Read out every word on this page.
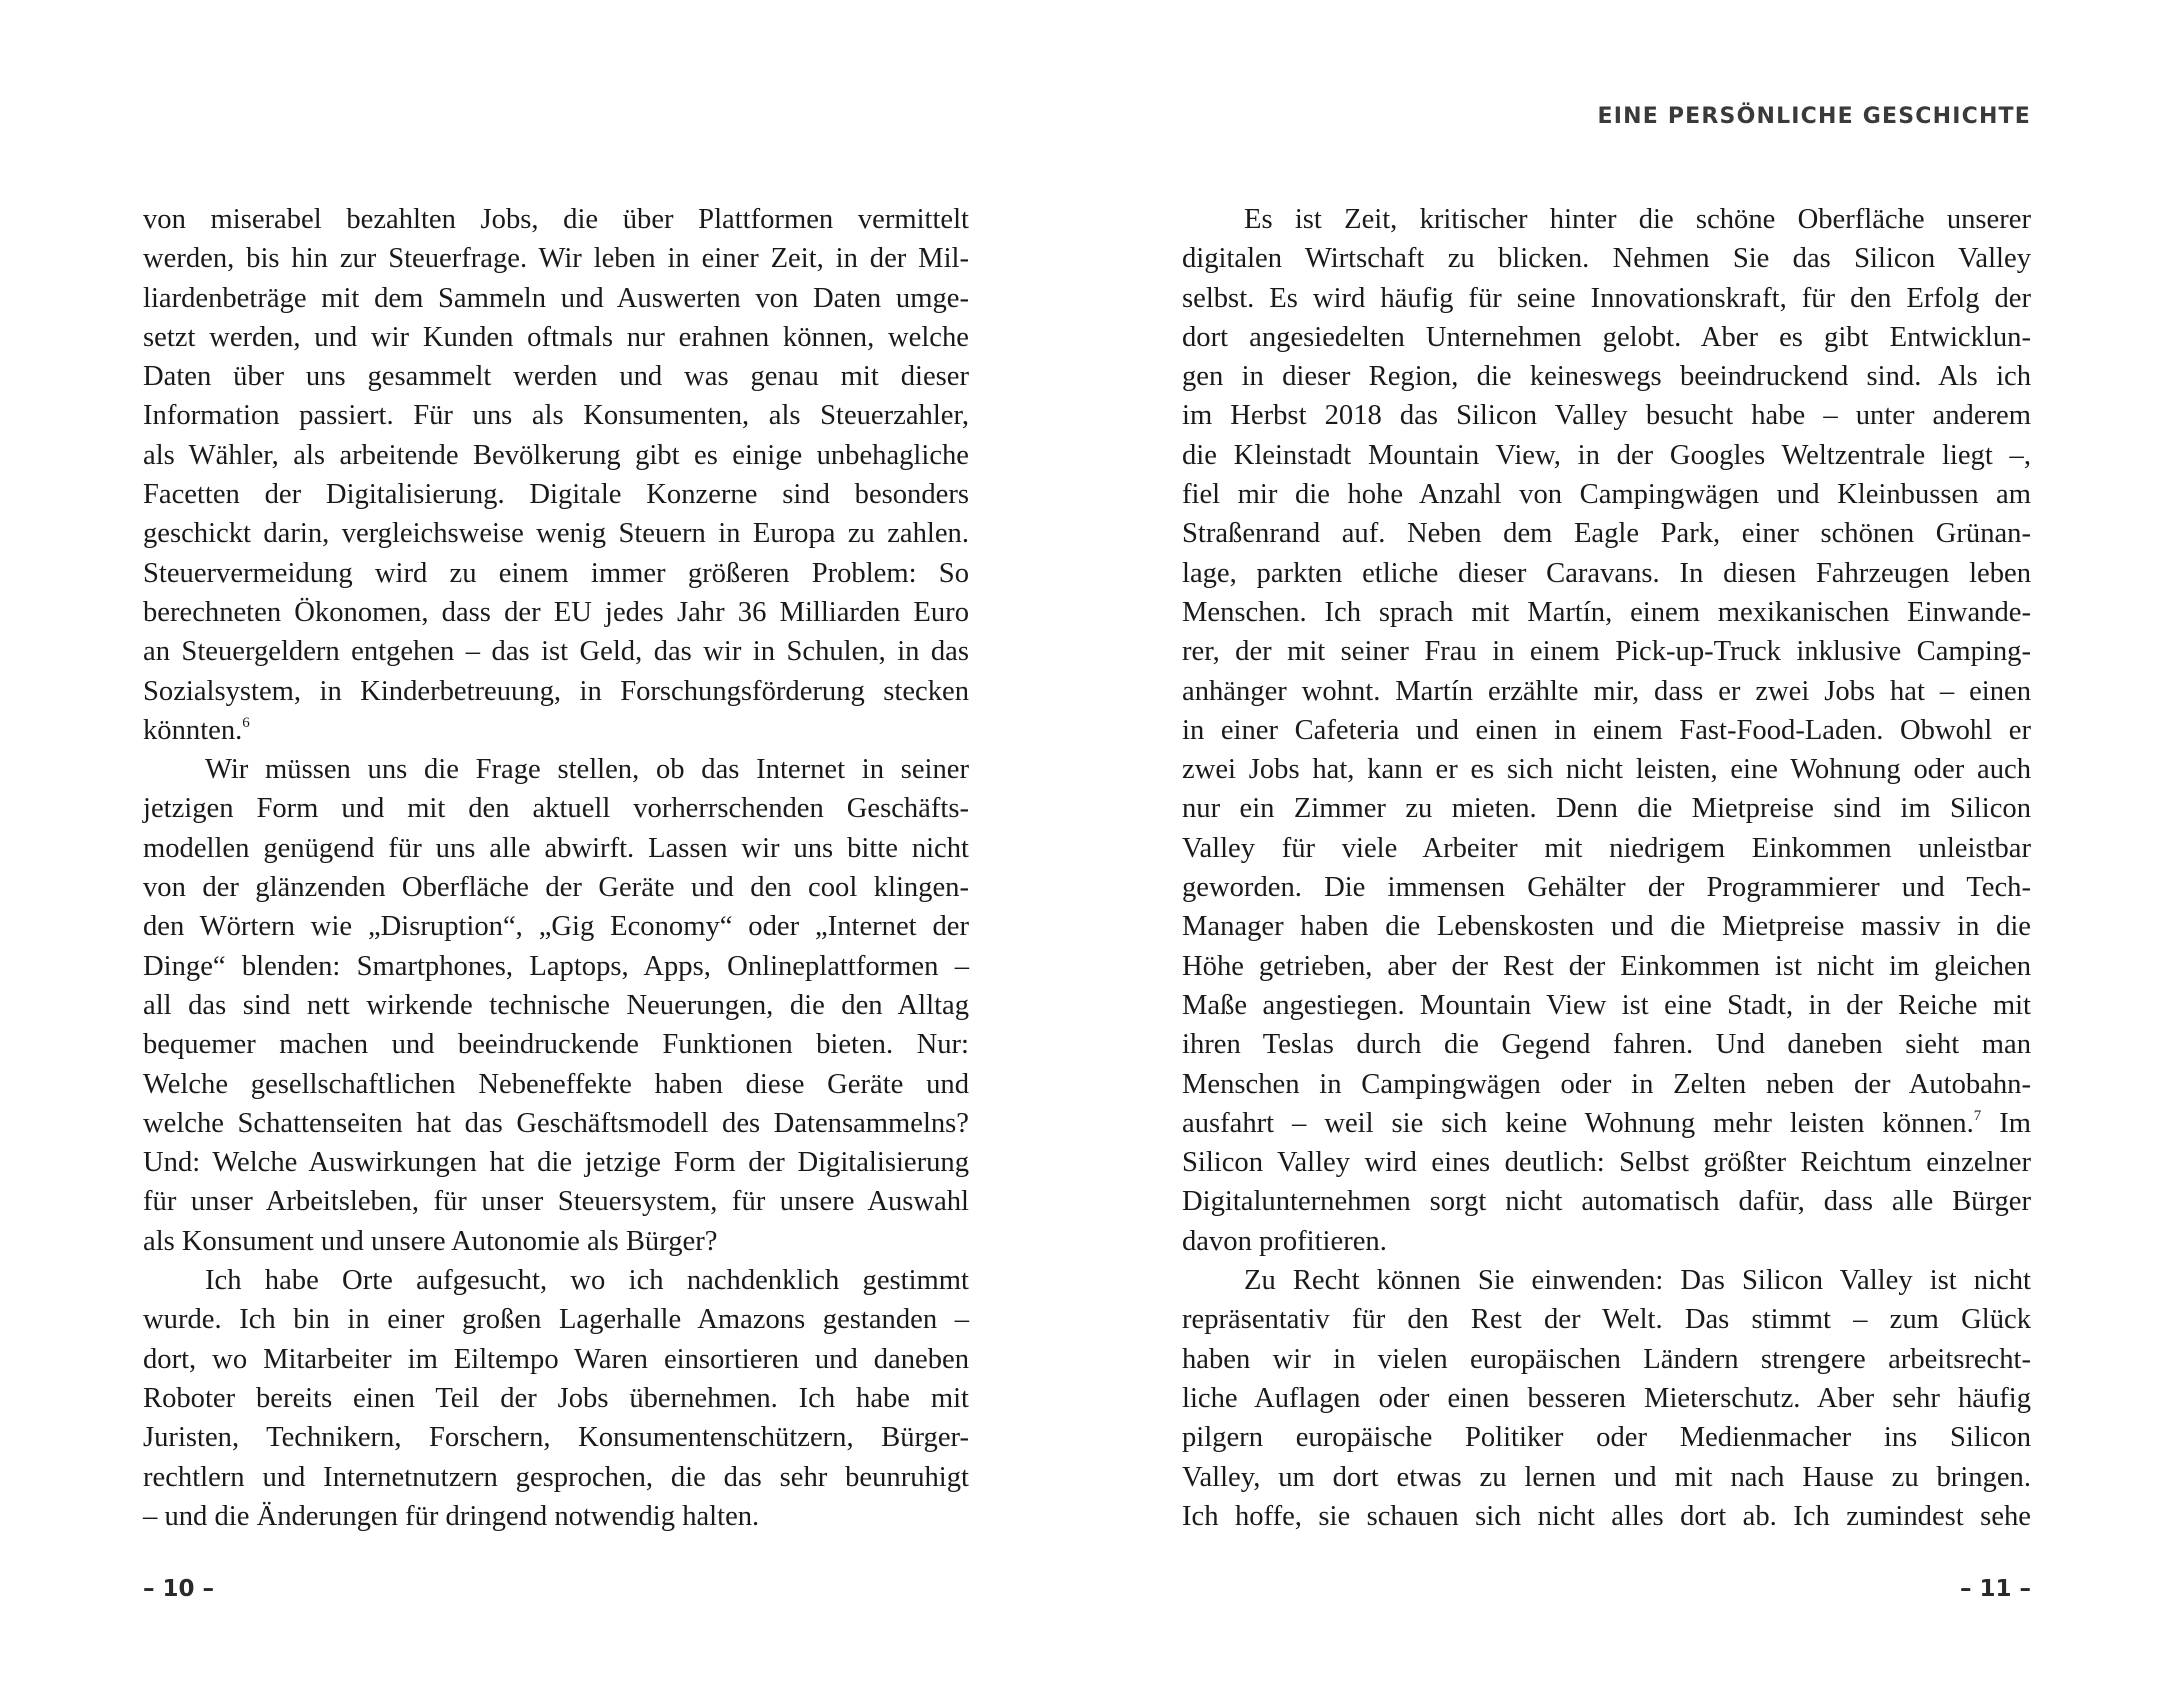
von miserabel bezahlten Jobs, die über Plattformen vermittelt
werden, bis hin zur Steuerfrage. Wir leben in einer Zeit, in der Mil-
liardenbeträge mit dem Sammeln und Auswerten von Daten umge-
setzt werden, und wir Kunden oftmals nur erahnen können, welche
Daten über uns gesammelt werden und was genau mit dieser
Information passiert. Für uns als Konsumenten, als Steuerzahler,
als Wähler, als arbeitende Bevölkerung gibt es einige unbehagliche
Facetten der Digitalisierung. Digitale Konzerne sind besonders
geschickt darin, vergleichsweise wenig Steuern in Europa zu zahlen.
Steuervermeidung wird zu einem immer größeren Problem: So
berechneten Ökonomen, dass der EU jedes Jahr 36 Milliarden Euro
an Steuergeldern entgehen – das ist Geld, das wir in Schulen, in das
Sozialsystem, in Kinderbetreuung, in Forschungsförderung stecken
könnten.$^6$
Wir müssen uns die Frage stellen, ob das Internet in seiner
jetzigen Form und mit den aktuell vorherrschenden Geschäfts-
modellen genügend für uns alle abwirft. Lassen wir uns bitte nicht
von der glänzenden Oberfläche der Geräte und den cool klingen-
den Wörtern wie „Disruption“, „Gig Economy“ oder „Internet der
Dinge“ blenden: Smartphones, Laptops, Apps, Onlineplattformen –
all das sind nett wirkende technische Neuerungen, die den Alltag
bequemer machen und beeindruckende Funktionen bieten. Nur:
Welche gesellschaftlichen Nebeneffekte haben diese Geräte und
welche Schattenseiten hat das Geschäftsmodell des Datensammelns?
Und: Welche Auswirkungen hat die jetzige Form der Digitalisierung
für unser Arbeitsleben, für unser Steuersystem, für unsere Auswahl
als Konsument und unsere Autonomie als Bürger?
Ich habe Orte aufgesucht, wo ich nachdenklich gestimmt
wurde. Ich bin in einer großen Lagerhalle Amazons gestanden –
dort, wo Mitarbeiter im Eiltempo Waren einsortieren und daneben
Roboter bereits einen Teil der Jobs übernehmen. Ich habe mit
Juristen, Technikern, Forschern, Konsumentenschützern, Bürger-
rechtlern und Internetnutzern gesprochen, die das sehr beunruhigt
– und die Änderungen für dringend notwendig halten.
– 10 –
EINE PERSÖNLICHE GESCHICHTE
Es ist Zeit, kritischer hinter die schöne Oberfläche unserer
digitalen Wirtschaft zu blicken. Nehmen Sie das Silicon Valley
selbst. Es wird häufig für seine Innovationskraft, für den Erfolg der
dort angesiedelten Unternehmen gelobt. Aber es gibt Entwicklun-
gen in dieser Region, die keineswegs beeindruckend sind. Als ich
im Herbst 2018 das Silicon Valley besucht habe – unter anderem
die Kleinstadt Mountain View, in der Googles Weltzentrale liegt –,
fiel mir die hohe Anzahl von Campingwägen und Kleinbussen am
Straßenrand auf. Neben dem Eagle Park, einer schönen Grünan-
lage, parkten etliche dieser Caravans. In diesen Fahrzeugen leben
Menschen. Ich sprach mit Martín, einem mexikanischen Einwande-
rer, der mit seiner Frau in einem Pick-up-Truck inklusive Camping-
anhänger wohnt. Martín erzählte mir, dass er zwei Jobs hat – einen
in einer Cafeteria und einen in einem Fast-Food-Laden. Obwohl er
zwei Jobs hat, kann er es sich nicht leisten, eine Wohnung oder auch
nur ein Zimmer zu mieten. Denn die Mietpreise sind im Silicon
Valley für viele Arbeiter mit niedrigem Einkommen unleistbar
geworden. Die immensen Gehälter der Programmierer und Tech-
Manager haben die Lebenskosten und die Mietpreise massiv in die
Höhe getrieben, aber der Rest der Einkommen ist nicht im gleichen
Maße angestiegen. Mountain View ist eine Stadt, in der Reiche mit
ihren Teslas durch die Gegend fahren. Und daneben sieht man
Menschen in Campingwägen oder in Zelten neben der Autobahn-
ausfahrt – weil sie sich keine Wohnung mehr leisten können.$^7$ Im
Silicon Valley wird eines deutlich: Selbst größter Reichtum einzelner
Digitalunternehmen sorgt nicht automatisch dafür, dass alle Bürger
davon profitieren.
Zu Recht können Sie einwenden: Das Silicon Valley ist nicht
repräsentativ für den Rest der Welt. Das stimmt – zum Glück
haben wir in vielen europäischen Ländern strengere arbeitsrecht-
liche Auflagen oder einen besseren Mieterschutz. Aber sehr häufig
pilgern europäische Politiker oder Medienmacher ins Silicon
Valley, um dort etwas zu lernen und mit nach Hause zu bringen.
Ich hoffe, sie schauen sich nicht alles dort ab. Ich zumindest sehe
– 11 –
